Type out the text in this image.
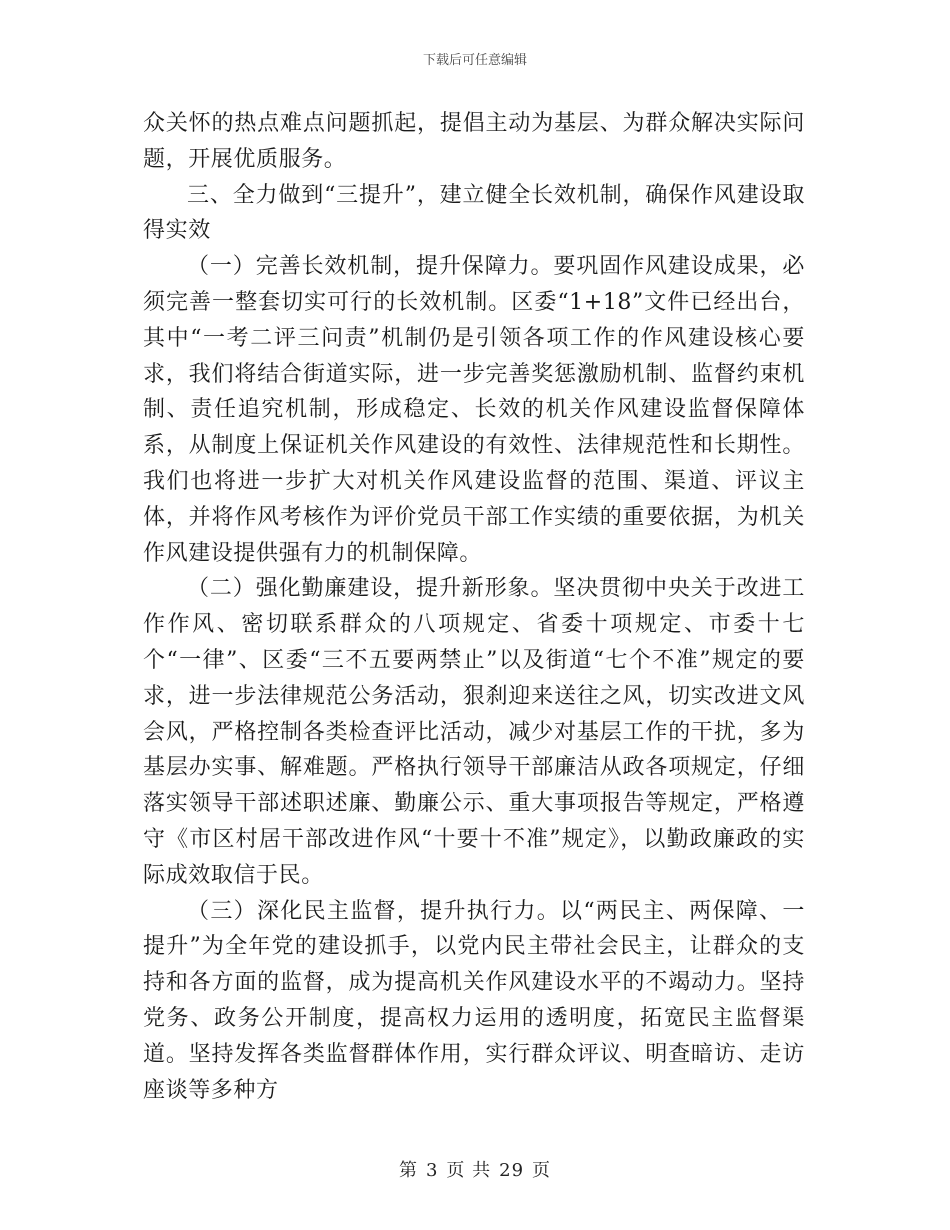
下载后可任意编辑

众关怀的热点难点问题抓起，提倡主动为基层、为群众解决实际问题，开展优质服务。

三、全力做到“三提升”，建立健全长效机制，确保作风建设取得实效

（一）完善长效机制，提升保障力。要巩固作风建设成果，必须完善一整套切实可行的长效机制。区委“1+18”文件已经出台，其中“一考二评三问责”机制仍是引领各项工作的作风建设核心要求，我们将结合街道实际，进一步完善奖惩激励机制、监督约束机制、责任追究机制，形成稳定、长效的机关作风建设监督保障体系，从制度上保证机关作风建设的有效性、法律规范性和长期性。我们也将进一步扩大对机关作风建设监督的范围、渠道、评议主体，并将作风考核作为评价党员干部工作实绩的重要依据，为机关作风建设提供强有力的机制保障。

（二）强化勤廉建设，提升新形象。坚决贯彻中央关于改进工作作风、密切联系群众的八项规定、省委十项规定、市委十七个“一律”、区委“三不五要两禁止”以及街道“七个不准”规定的要求，进一步法律规范公务活动，狠刹迎来送往之风，切实改进文风会风，严格控制各类检查评比活动，减少对基层工作的干扰，多为基层办实事、解难题。严格执行领导干部廉洁从政各项规定，仔细落实领导干部述职述廉、勤廉公示、重大事项报告等规定，严格遵守《市区村居干部改进作风“十要十不准”规定》，以勤政廉政的实际成效取信于民。

（三）深化民主监督，提升执行力。以“两民主、两保障、一提升”为全年党的建设抓手，以党内民主带社会民主，让群众的支持和各方面的监督，成为提高机关作风建设水平的不竭动力。坚持党务、政务公开制度，提高权力运用的透明度，拓宽民主监督渠道。坚持发挥各类监督群体作用，实行群众评议、明查暗访、走访座谈等多种方

第 3 页 共 29 页
